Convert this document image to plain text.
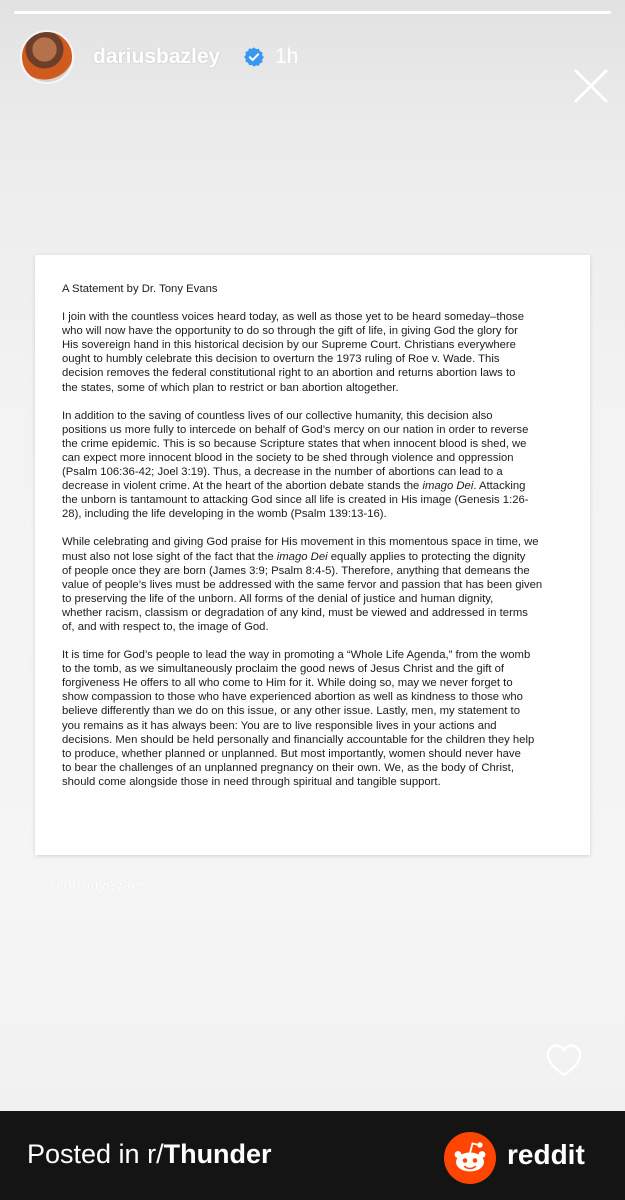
dariusbazley	1h

A Statement by Dr. Tony Evans

I join with the countless voices heard today, as well as those yet to be heard someday–those
who will now have the opportunity to do so through the gift of life, in giving God the glory for
His sovereign hand in this historical decision by our Supreme Court. Christians everywhere
ought to humbly celebrate this decision to overturn the 1973 ruling of Roe v. Wade. This
decision removes the federal constitutional right to an abortion and returns abortion laws to
the states, some of which plan to restrict or ban abortion altogether.

In addition to the saving of countless lives of our collective humanity, this decision also
positions us more fully to intercede on behalf of God’s mercy on our nation in order to reverse
the crime epidemic. This is so because Scripture states that when innocent blood is shed, we
can expect more innocent blood in the society to be shed through violence and oppression
(Psalm 106:36-42; Joel 3:19). Thus, a decrease in the number of abortions can lead to a
decrease in violent crime. At the heart of the abortion debate stands the imago Dei. Attacking
the unborn is tantamount to attacking God since all life is created in His image (Genesis 1:26-
28), including the life developing in the womb (Psalm 139:13-16).

While celebrating and giving God praise for His movement in this momentous space in time, we
must also not lose sight of the fact that the imago Dei equally applies to protecting the dignity
of people once they are born (James 3:9; Psalm 8:4-5). Therefore, anything that demeans the
value of people’s lives must be addressed with the same fervor and passion that has been given
to preserving the life of the unborn. All forms of the denial of justice and human dignity,
whether racism, classism or degradation of any kind, must be viewed and addressed in terms
of, and with respect to, the image of God.

It is time for God’s people to lead the way in promoting a “Whole Life Agenda,” from the womb
to the tomb, as we simultaneously proclaim the good news of Jesus Christ and the gift of
forgiveness He offers to all who come to Him for it. While doing so, may we never forget to
show compassion to those who have experienced abortion as well as kindness to those who
believe differently than we do on this issue, or any other issue. Lastly, men, my statement to
you remains as it has always been: You are to live responsible lives in your actions and
decisions. Men should be held personally and financially accountable for the children they help
to produce, whether planned or unplanned. But most importantly, women should never have
to bear the challenges of an unplanned pregnancy on their own. We, as the body of Christ,
should come alongside those in need through spiritual and tangible support.

@drtonyevans
Posted in r/Thunder	reddit
